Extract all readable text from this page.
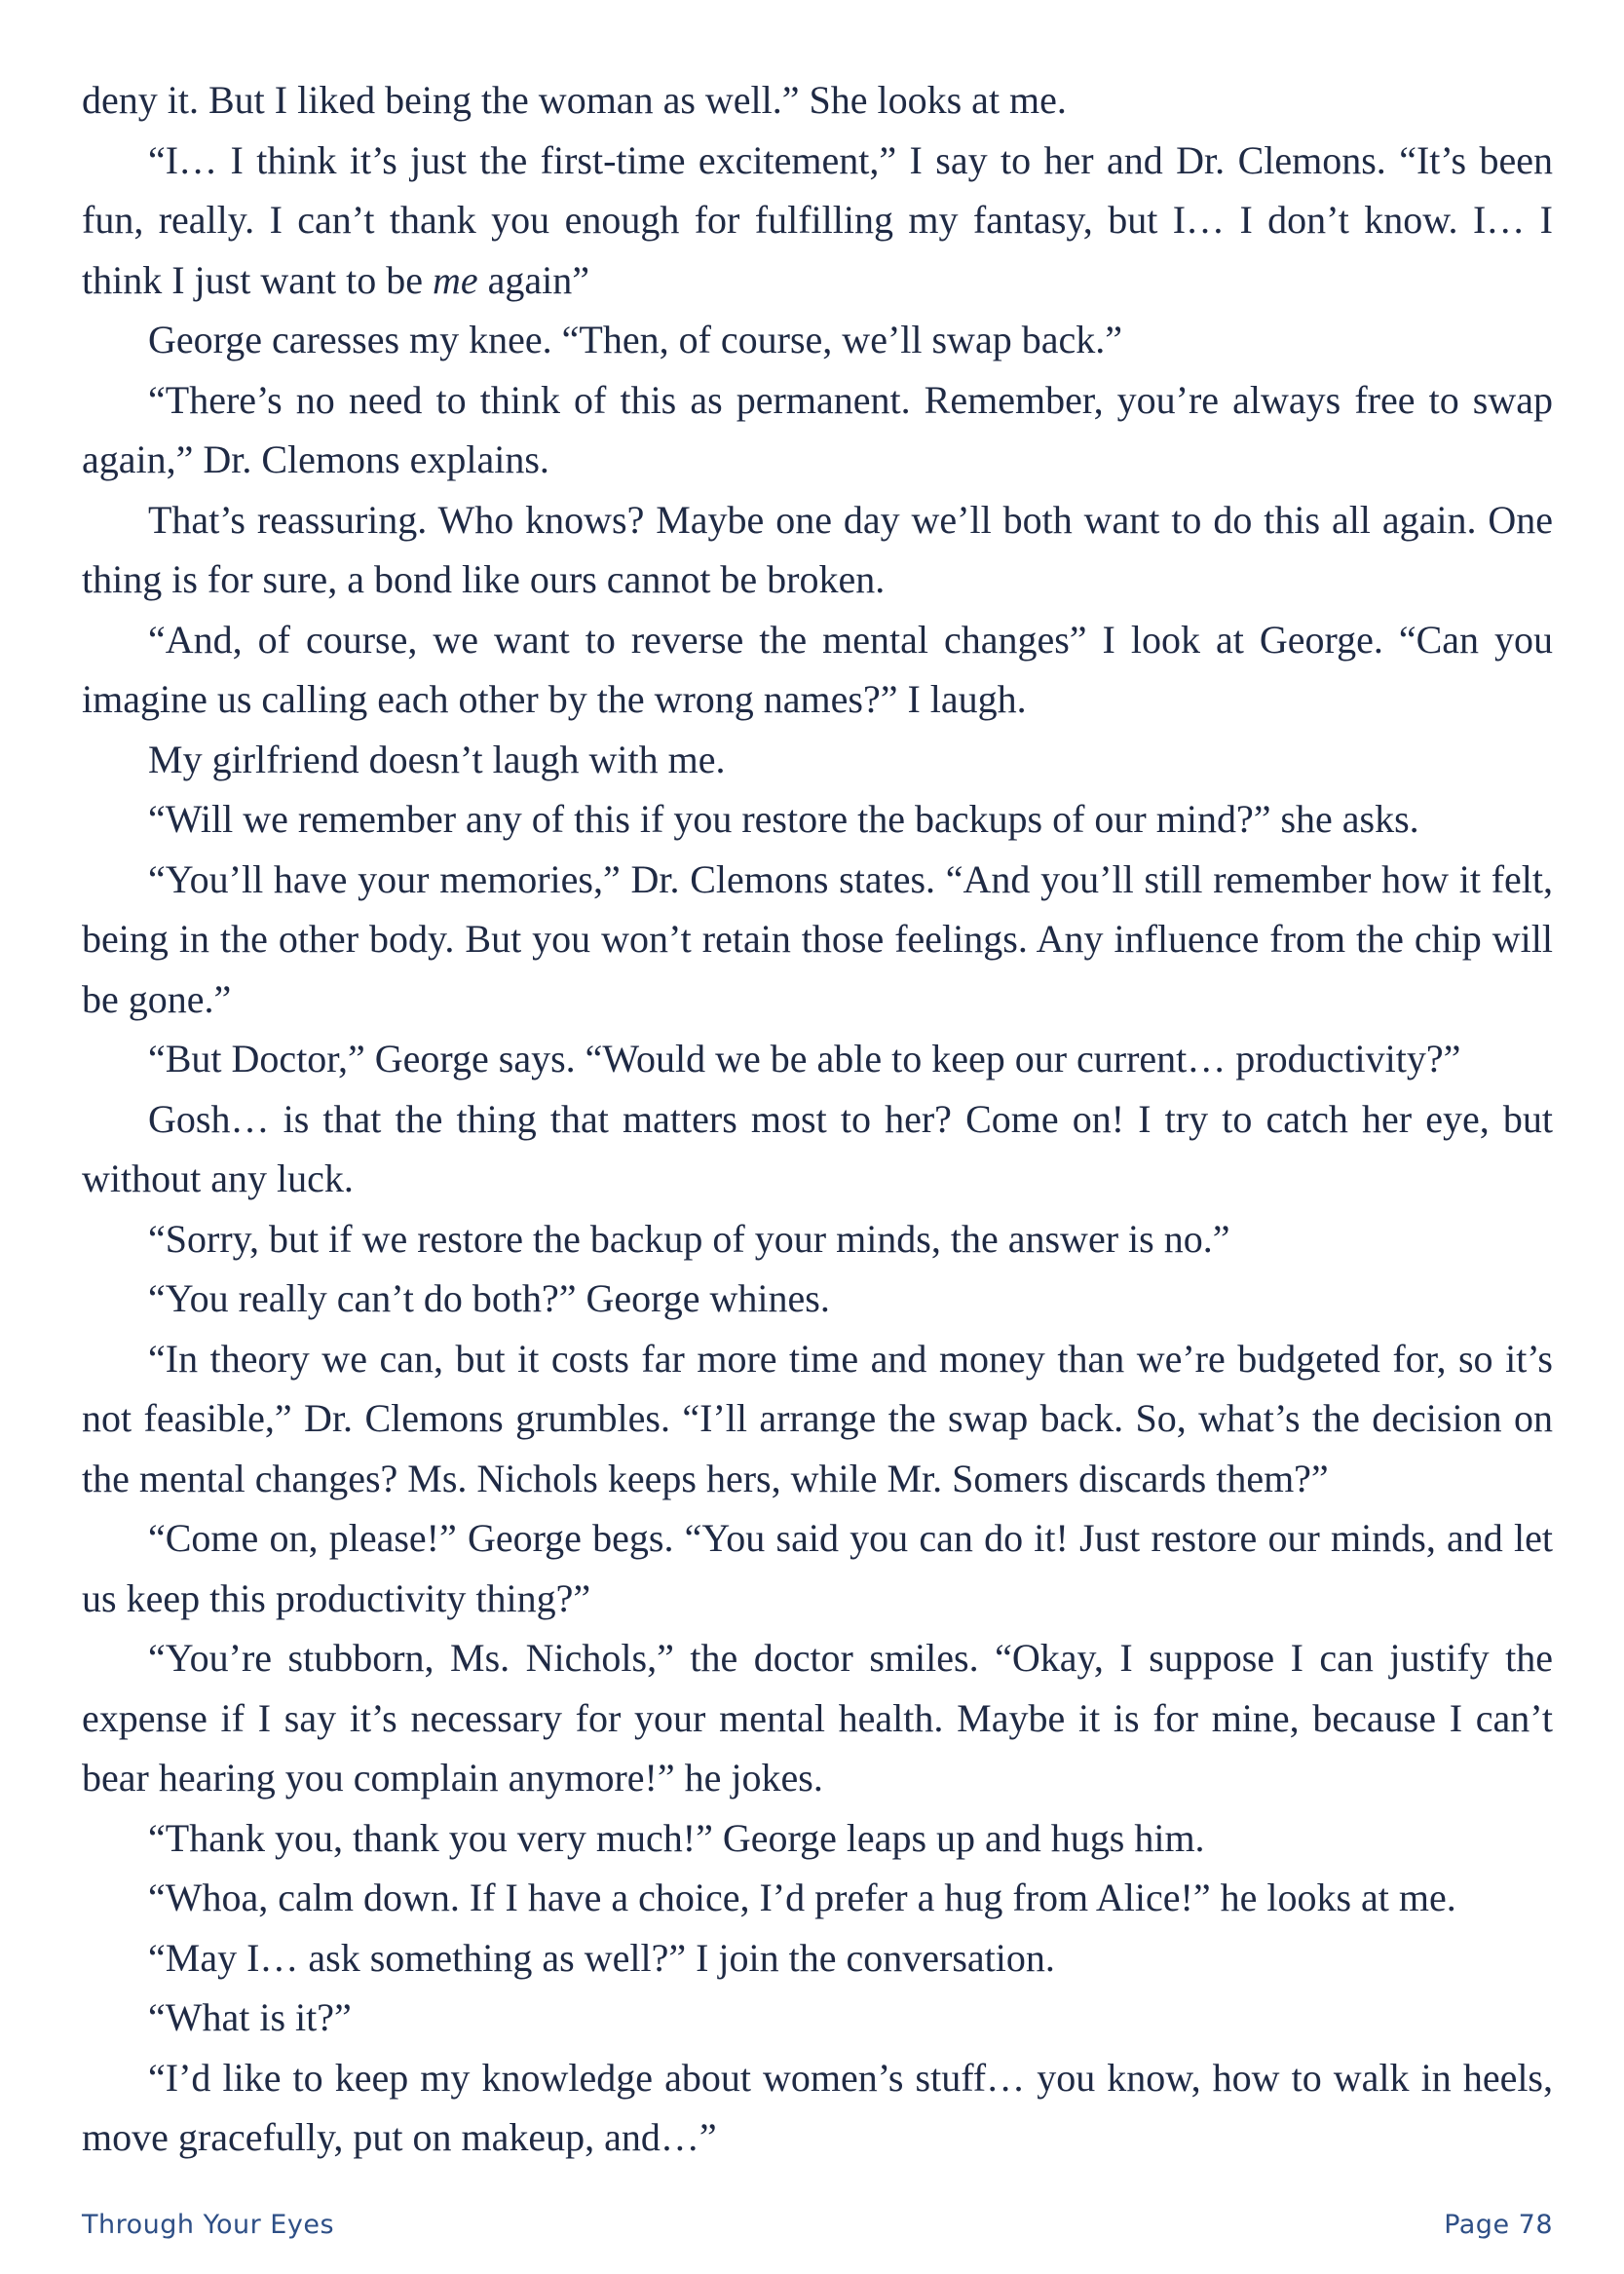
deny it. But I liked being the woman as well.” She looks at me.

“I… I think it’s just the first-time excitement,” I say to her and Dr. Clemons. “It’s been fun, really. I can’t thank you enough for fulfilling my fantasy, but I… I don’t know. I… I think I just want to be me again”

George caresses my knee. “Then, of course, we’ll swap back.”

“There’s no need to think of this as permanent. Remember, you’re always free to swap again,” Dr. Clemons explains.

That’s reassuring. Who knows? Maybe one day we’ll both want to do this all again. One thing is for sure, a bond like ours cannot be broken.

“And, of course, we want to reverse the mental changes” I look at George. “Can you imagine us calling each other by the wrong names?” I laugh.

My girlfriend doesn’t laugh with me.

“Will we remember any of this if you restore the backups of our mind?” she asks.

“You’ll have your memories,” Dr. Clemons states. “And you’ll still remember how it felt, being in the other body. But you won’t retain those feelings. Any influence from the chip will be gone.”

“But Doctor,” George says. “Would we be able to keep our current… productivity?”

Gosh… is that the thing that matters most to her? Come on! I try to catch her eye, but without any luck.

“Sorry, but if we restore the backup of your minds, the answer is no.”

“You really can’t do both?” George whines.

“In theory we can, but it costs far more time and money than we’re budgeted for, so it’s not feasible,” Dr. Clemons grumbles. “I’ll arrange the swap back. So, what’s the decision on the mental changes? Ms. Nichols keeps hers, while Mr. Somers discards them?”

“Come on, please!” George begs. “You said you can do it! Just restore our minds, and let us keep this productivity thing?”

“You’re stubborn, Ms. Nichols,” the doctor smiles. “Okay, I suppose I can justify the expense if I say it’s necessary for your mental health. Maybe it is for mine, because I can’t bear hearing you complain anymore!” he jokes.

“Thank you, thank you very much!” George leaps up and hugs him.

“Whoa, calm down. If I have a choice, I’d prefer a hug from Alice!” he looks at me.

“May I… ask something as well?” I join the conversation.

“What is it?”

“I’d like to keep my knowledge about women’s stuff… you know, how to walk in heels, move gracefully, put on makeup, and…”

Through Your Eyes	Page 78
